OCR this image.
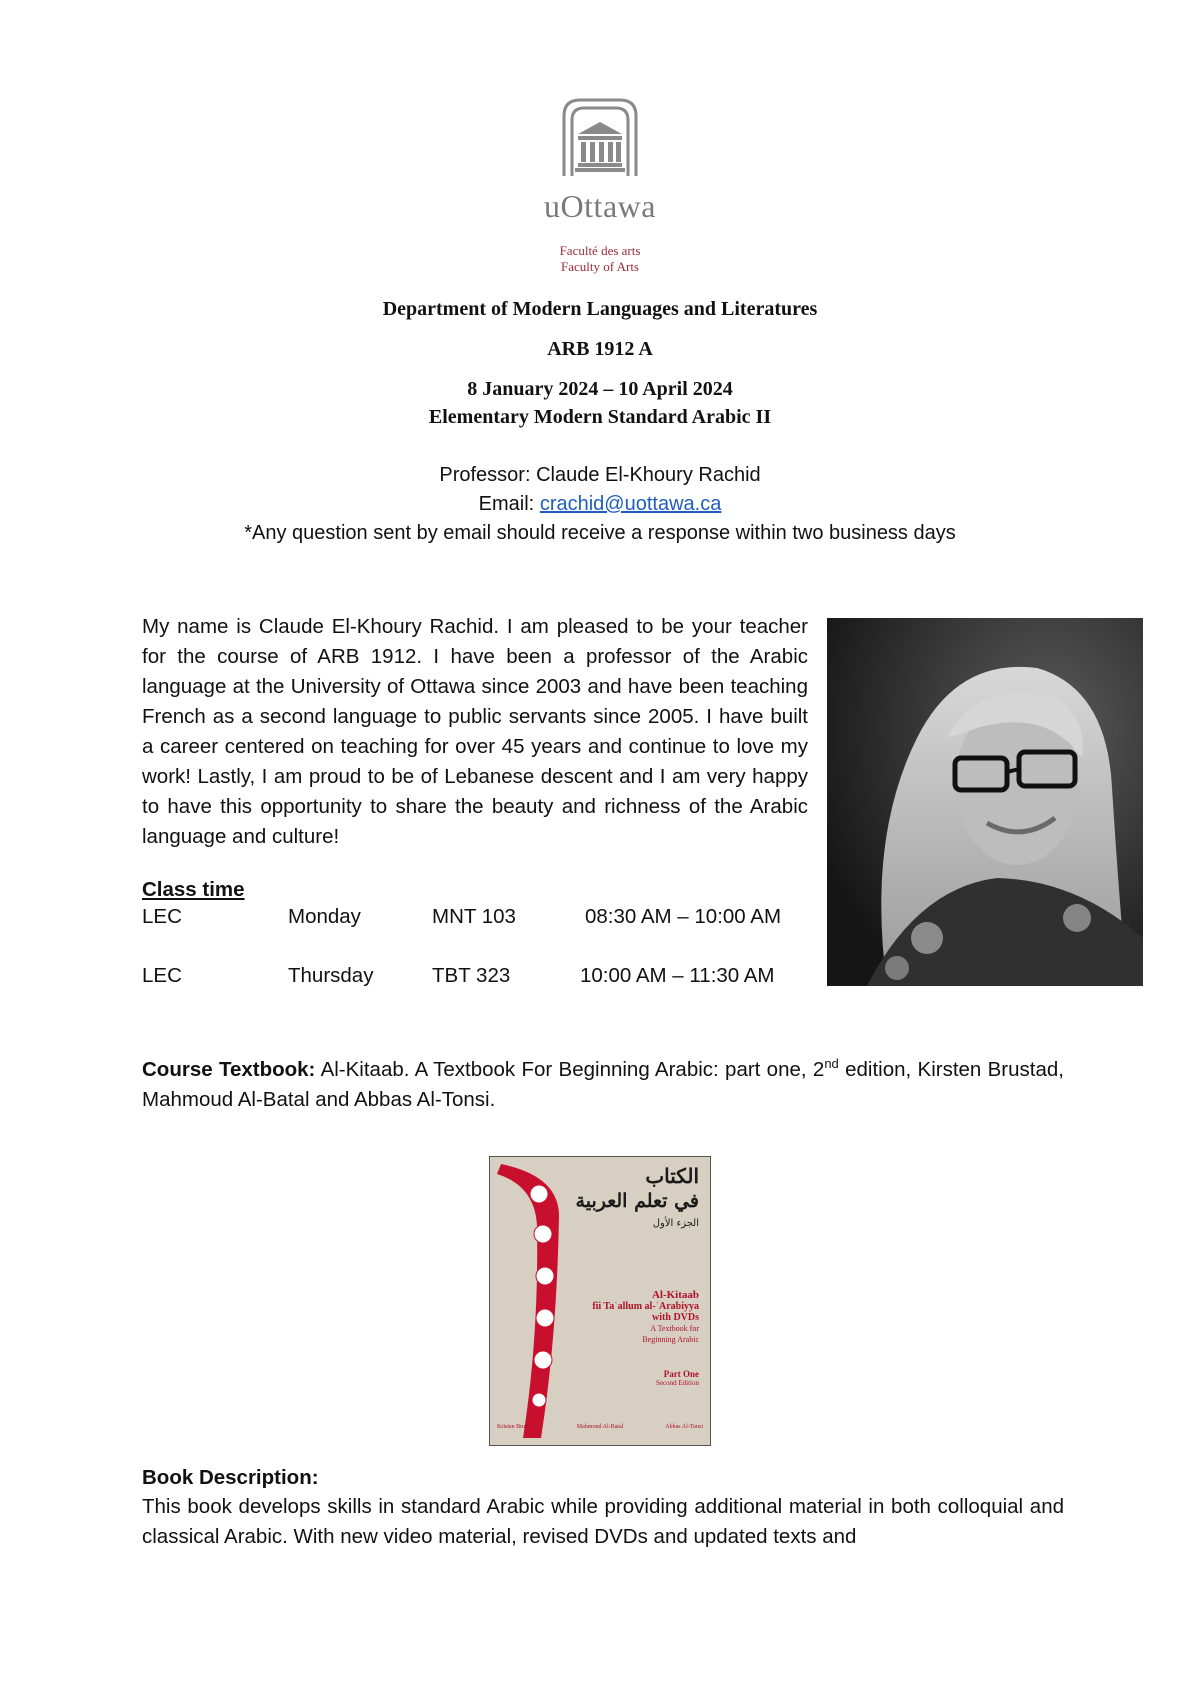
uOttawa
Faculté des arts
Faculty of Arts
Department of Modern Languages and Literatures
ARB 1912 A
8 January 2024 – 10 April 2024
Elementary Modern Standard Arabic II
Professor: Claude El-Khoury Rachid
Email: crachid@uottawa.ca
*Any question sent by email should receive a response within two business days
My name is Claude El-Khoury Rachid. I am pleased to be your teacher for the course of ARB 1912. I have been a professor of the Arabic language at the University of Ottawa since 2003 and have been teaching French as a second language to public servants since 2005. I have built a career centered on teaching for over 45 years and continue to love my work! Lastly, I am proud to be of Lebanese descent and I am very happy to have this opportunity to share the beauty and richness of the Arabic language and culture!
Class time
LEC	Monday	MNT 103	08:30 AM – 10:00 AM
LEC	Thursday	TBT 323	10:00 AM – 11:30 AM
Course Textbook: Al-Kitaab. A Textbook For Beginning Arabic: part one, 2nd edition, Kirsten Brustad, Mahmoud Al-Batal and Abbas Al-Tonsi.
الكتاب
في تعلم العربية
الجزء الأول
Al-Kitaab
fii Taʿallum al-ʿArabiyya
with DVDs
A Textbook for
Beginning Arabic
Part One
Second Edition
Kristen Brustad	Mahmoud Al-Batal	Abbas Al-Tonsi
Book Description:
This book develops skills in standard Arabic while providing additional material in both colloquial and classical Arabic. With new video material, revised DVDs and updated texts and
